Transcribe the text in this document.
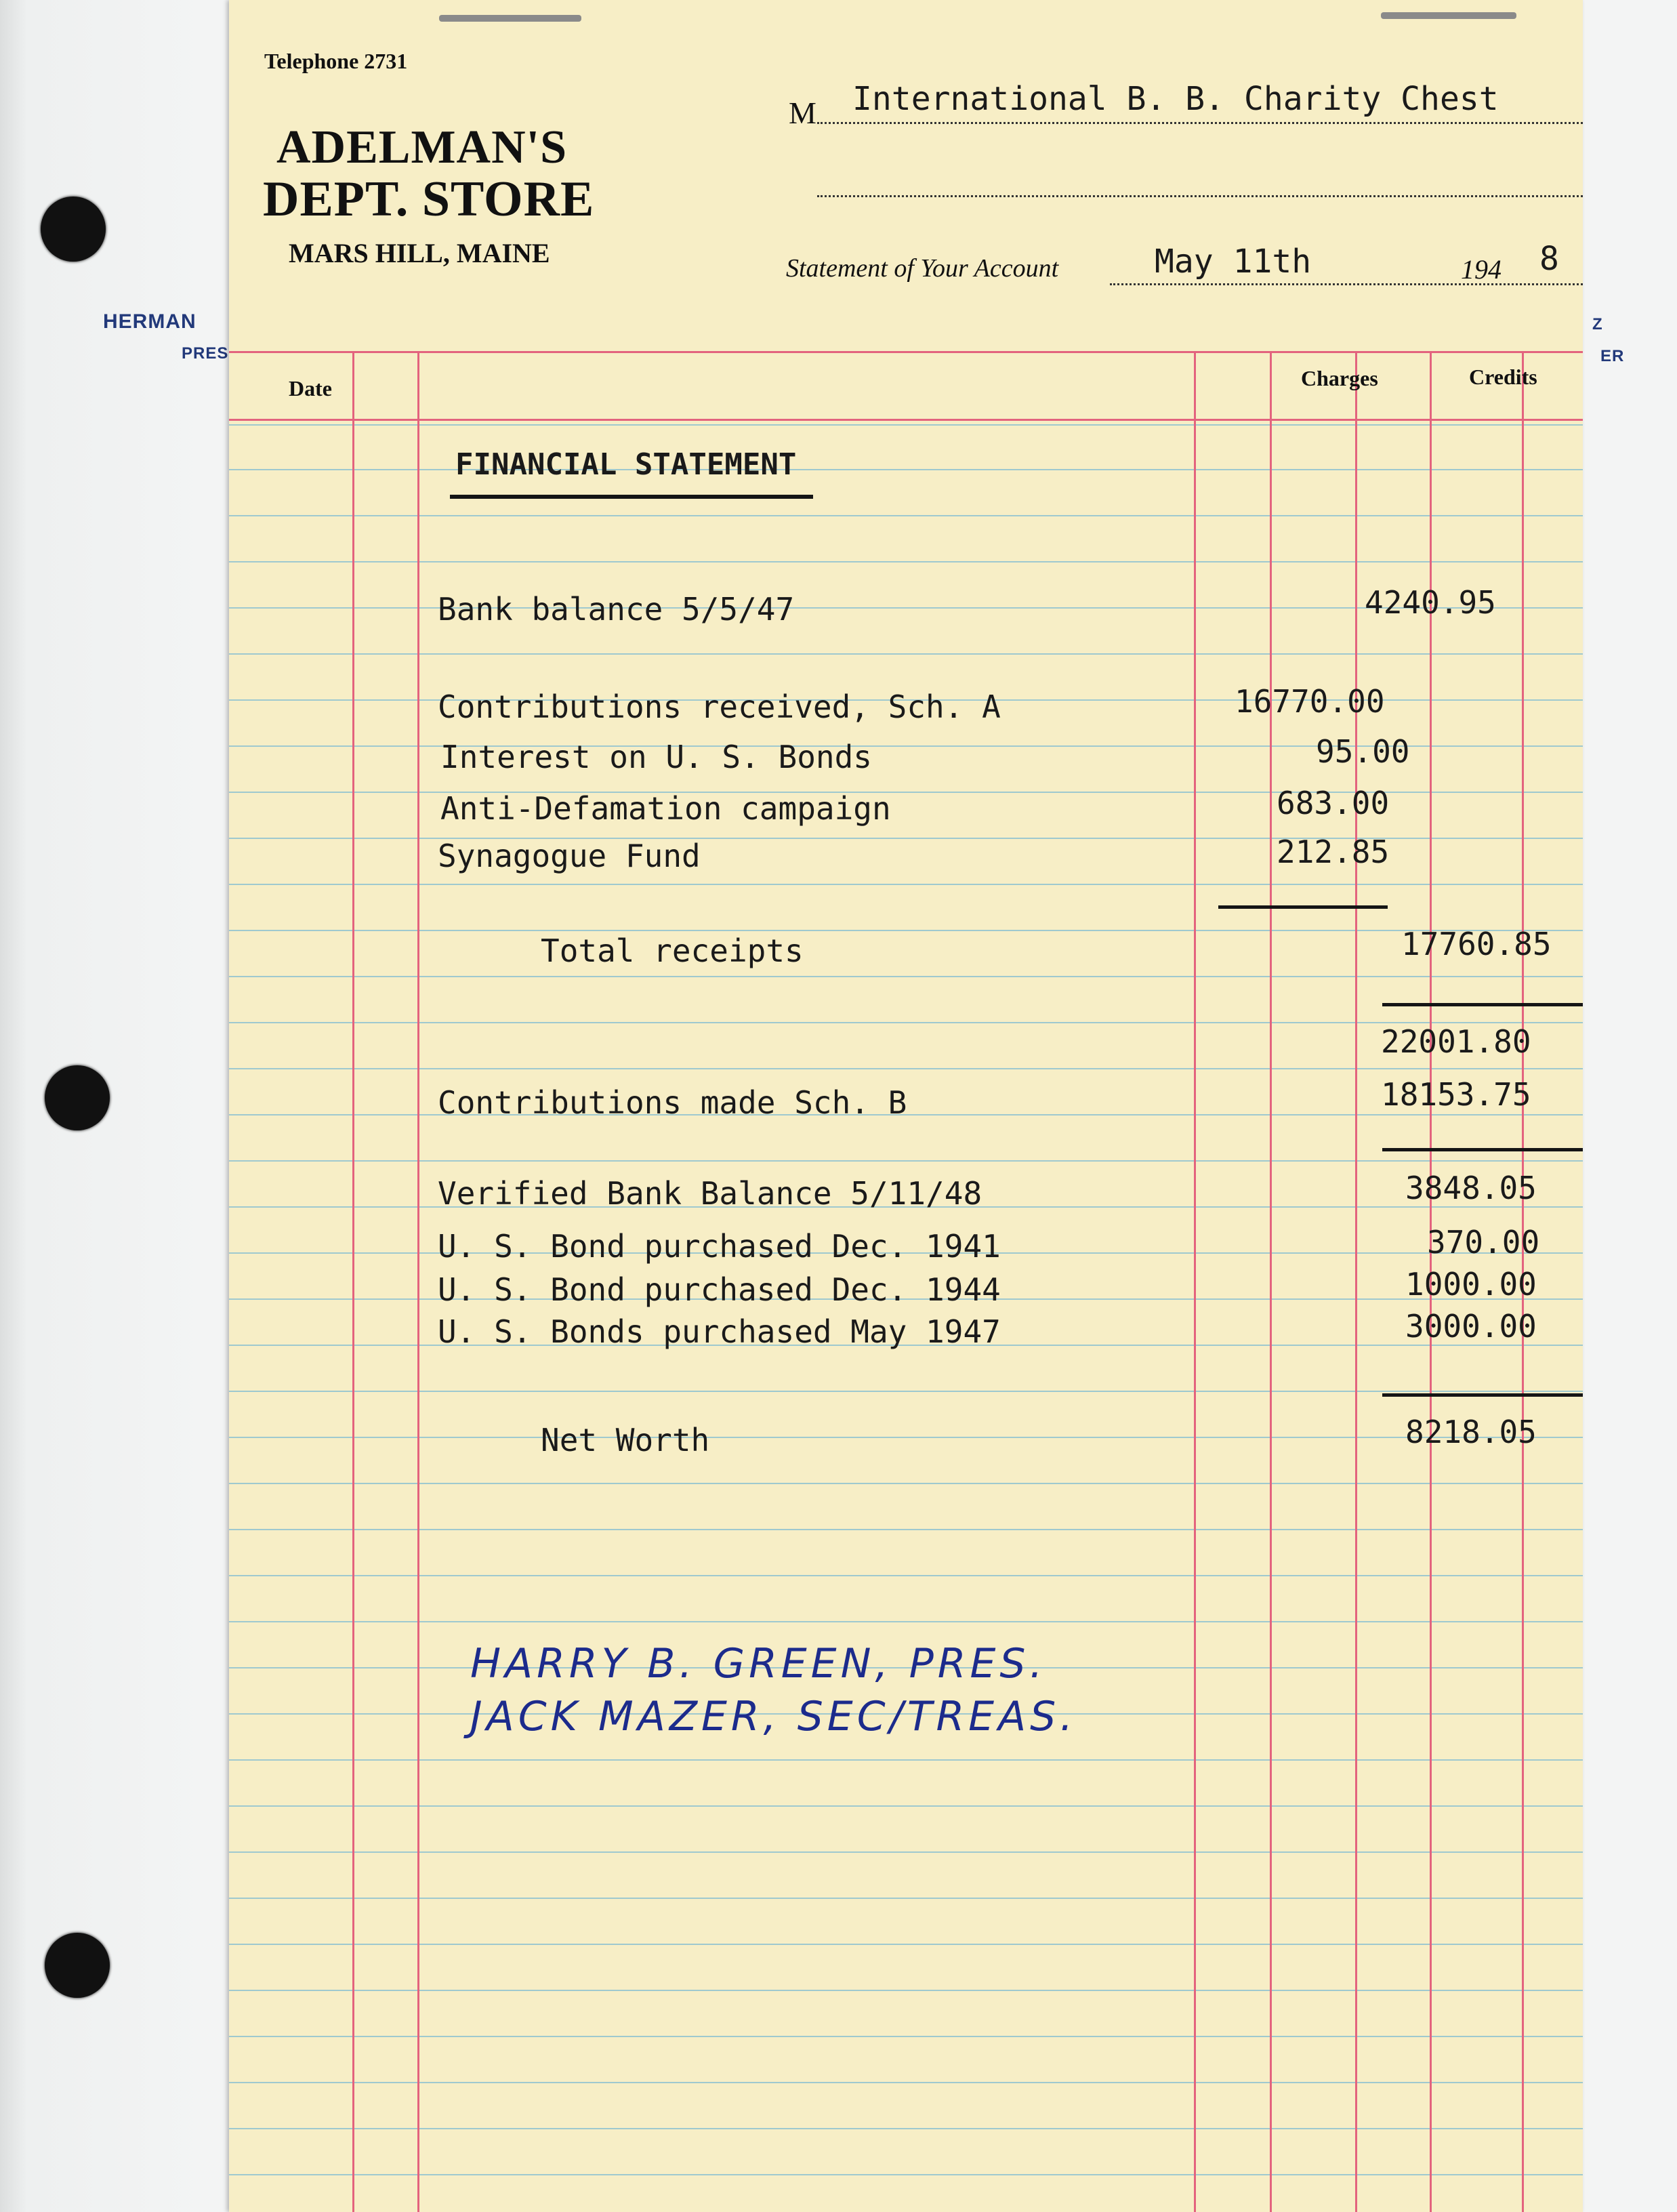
HERMAN
PRES
Z
ER
Telephone 2731
ADELMAN'S
DEPT. STORE
MARS HILL, MAINE
M International B. B. Charity Chest
Statement of Your Account	May 11th	194 8
Date	Charges	Credits
FINANCIAL STATEMENT
Bank balance 5/5/47	4240.95
Contributions received, Sch. A	16770.00
Interest on U. S. Bonds	95.00
Anti-Defamation campaign	683.00
Synagogue Fund	212.85
Total receipts	17760.85
22001.80
Contributions made Sch. B	18153.75
Verified Bank Balance 5/11/48	3848.05
U. S. Bond purchased Dec. 1941	370.00
U. S. Bond purchased Dec. 1944	1000.00
U. S. Bonds purchased May 1947	3000.00
Net Worth	8218.05
HARRY B. GREEN, PRES.
JACK MAZER, SEC/TREAS.
